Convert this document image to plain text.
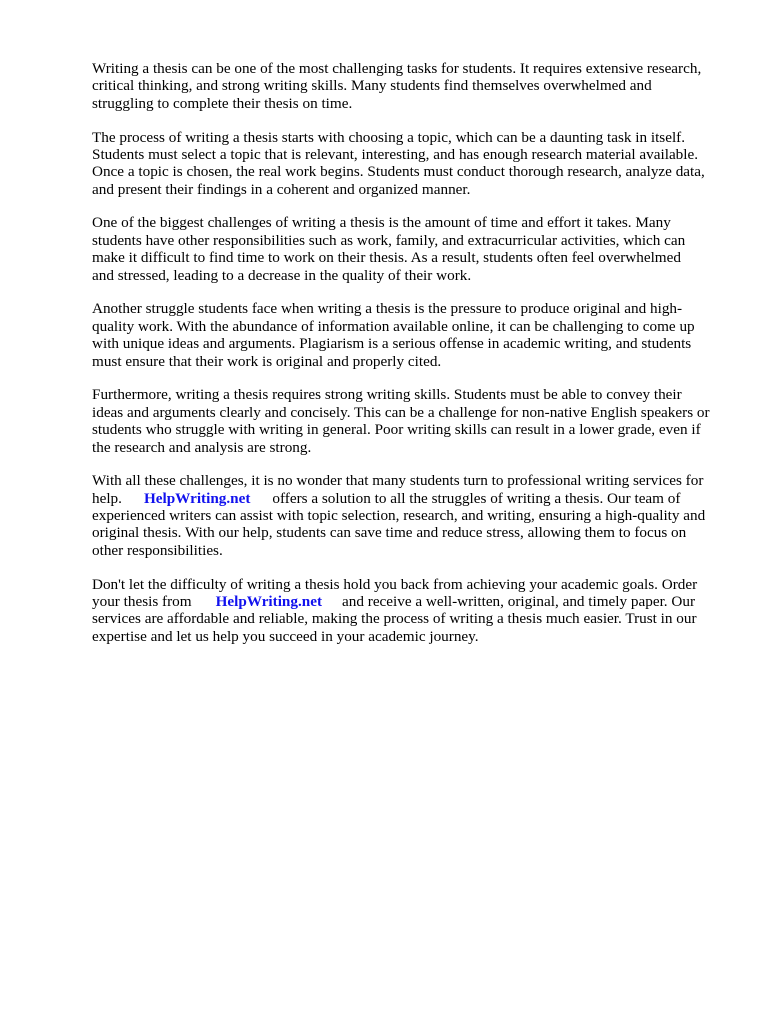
Writing a thesis can be one of the most challenging tasks for students. It requires extensive research,
critical thinking, and strong writing skills. Many students find themselves overwhelmed and
struggling to complete their thesis on time.

The process of writing a thesis starts with choosing a topic, which can be a daunting task in itself.
Students must select a topic that is relevant, interesting, and has enough research material available.
Once a topic is chosen, the real work begins. Students must conduct thorough research, analyze data,
and present their findings in a coherent and organized manner.

One of the biggest challenges of writing a thesis is the amount of time and effort it takes. Many
students have other responsibilities such as work, family, and extracurricular activities, which can
make it difficult to find time to work on their thesis. As a result, students often feel overwhelmed
and stressed, leading to a decrease in the quality of their work.

Another struggle students face when writing a thesis is the pressure to produce original and high-
quality work. With the abundance of information available online, it can be challenging to come up
with unique ideas and arguments. Plagiarism is a serious offense in academic writing, and students
must ensure that their work is original and properly cited.

Furthermore, writing a thesis requires strong writing skills. Students must be able to convey their
ideas and arguments clearly and concisely. This can be a challenge for non-native English speakers or
students who struggle with writing in general. Poor writing skills can result in a lower grade, even if
the research and analysis are strong.

With all these challenges, it is no wonder that many students turn to professional writing services for
help. HelpWriting.net offers a solution to all the struggles of writing a thesis. Our team of
experienced writers can assist with topic selection, research, and writing, ensuring a high-quality and
original thesis. With our help, students can save time and reduce stress, allowing them to focus on
other responsibilities.

Don't let the difficulty of writing a thesis hold you back from achieving your academic goals. Order
your thesis from HelpWriting.net and receive a well-written, original, and timely paper. Our
services are affordable and reliable, making the process of writing a thesis much easier. Trust in our
expertise and let us help you succeed in your academic journey.
